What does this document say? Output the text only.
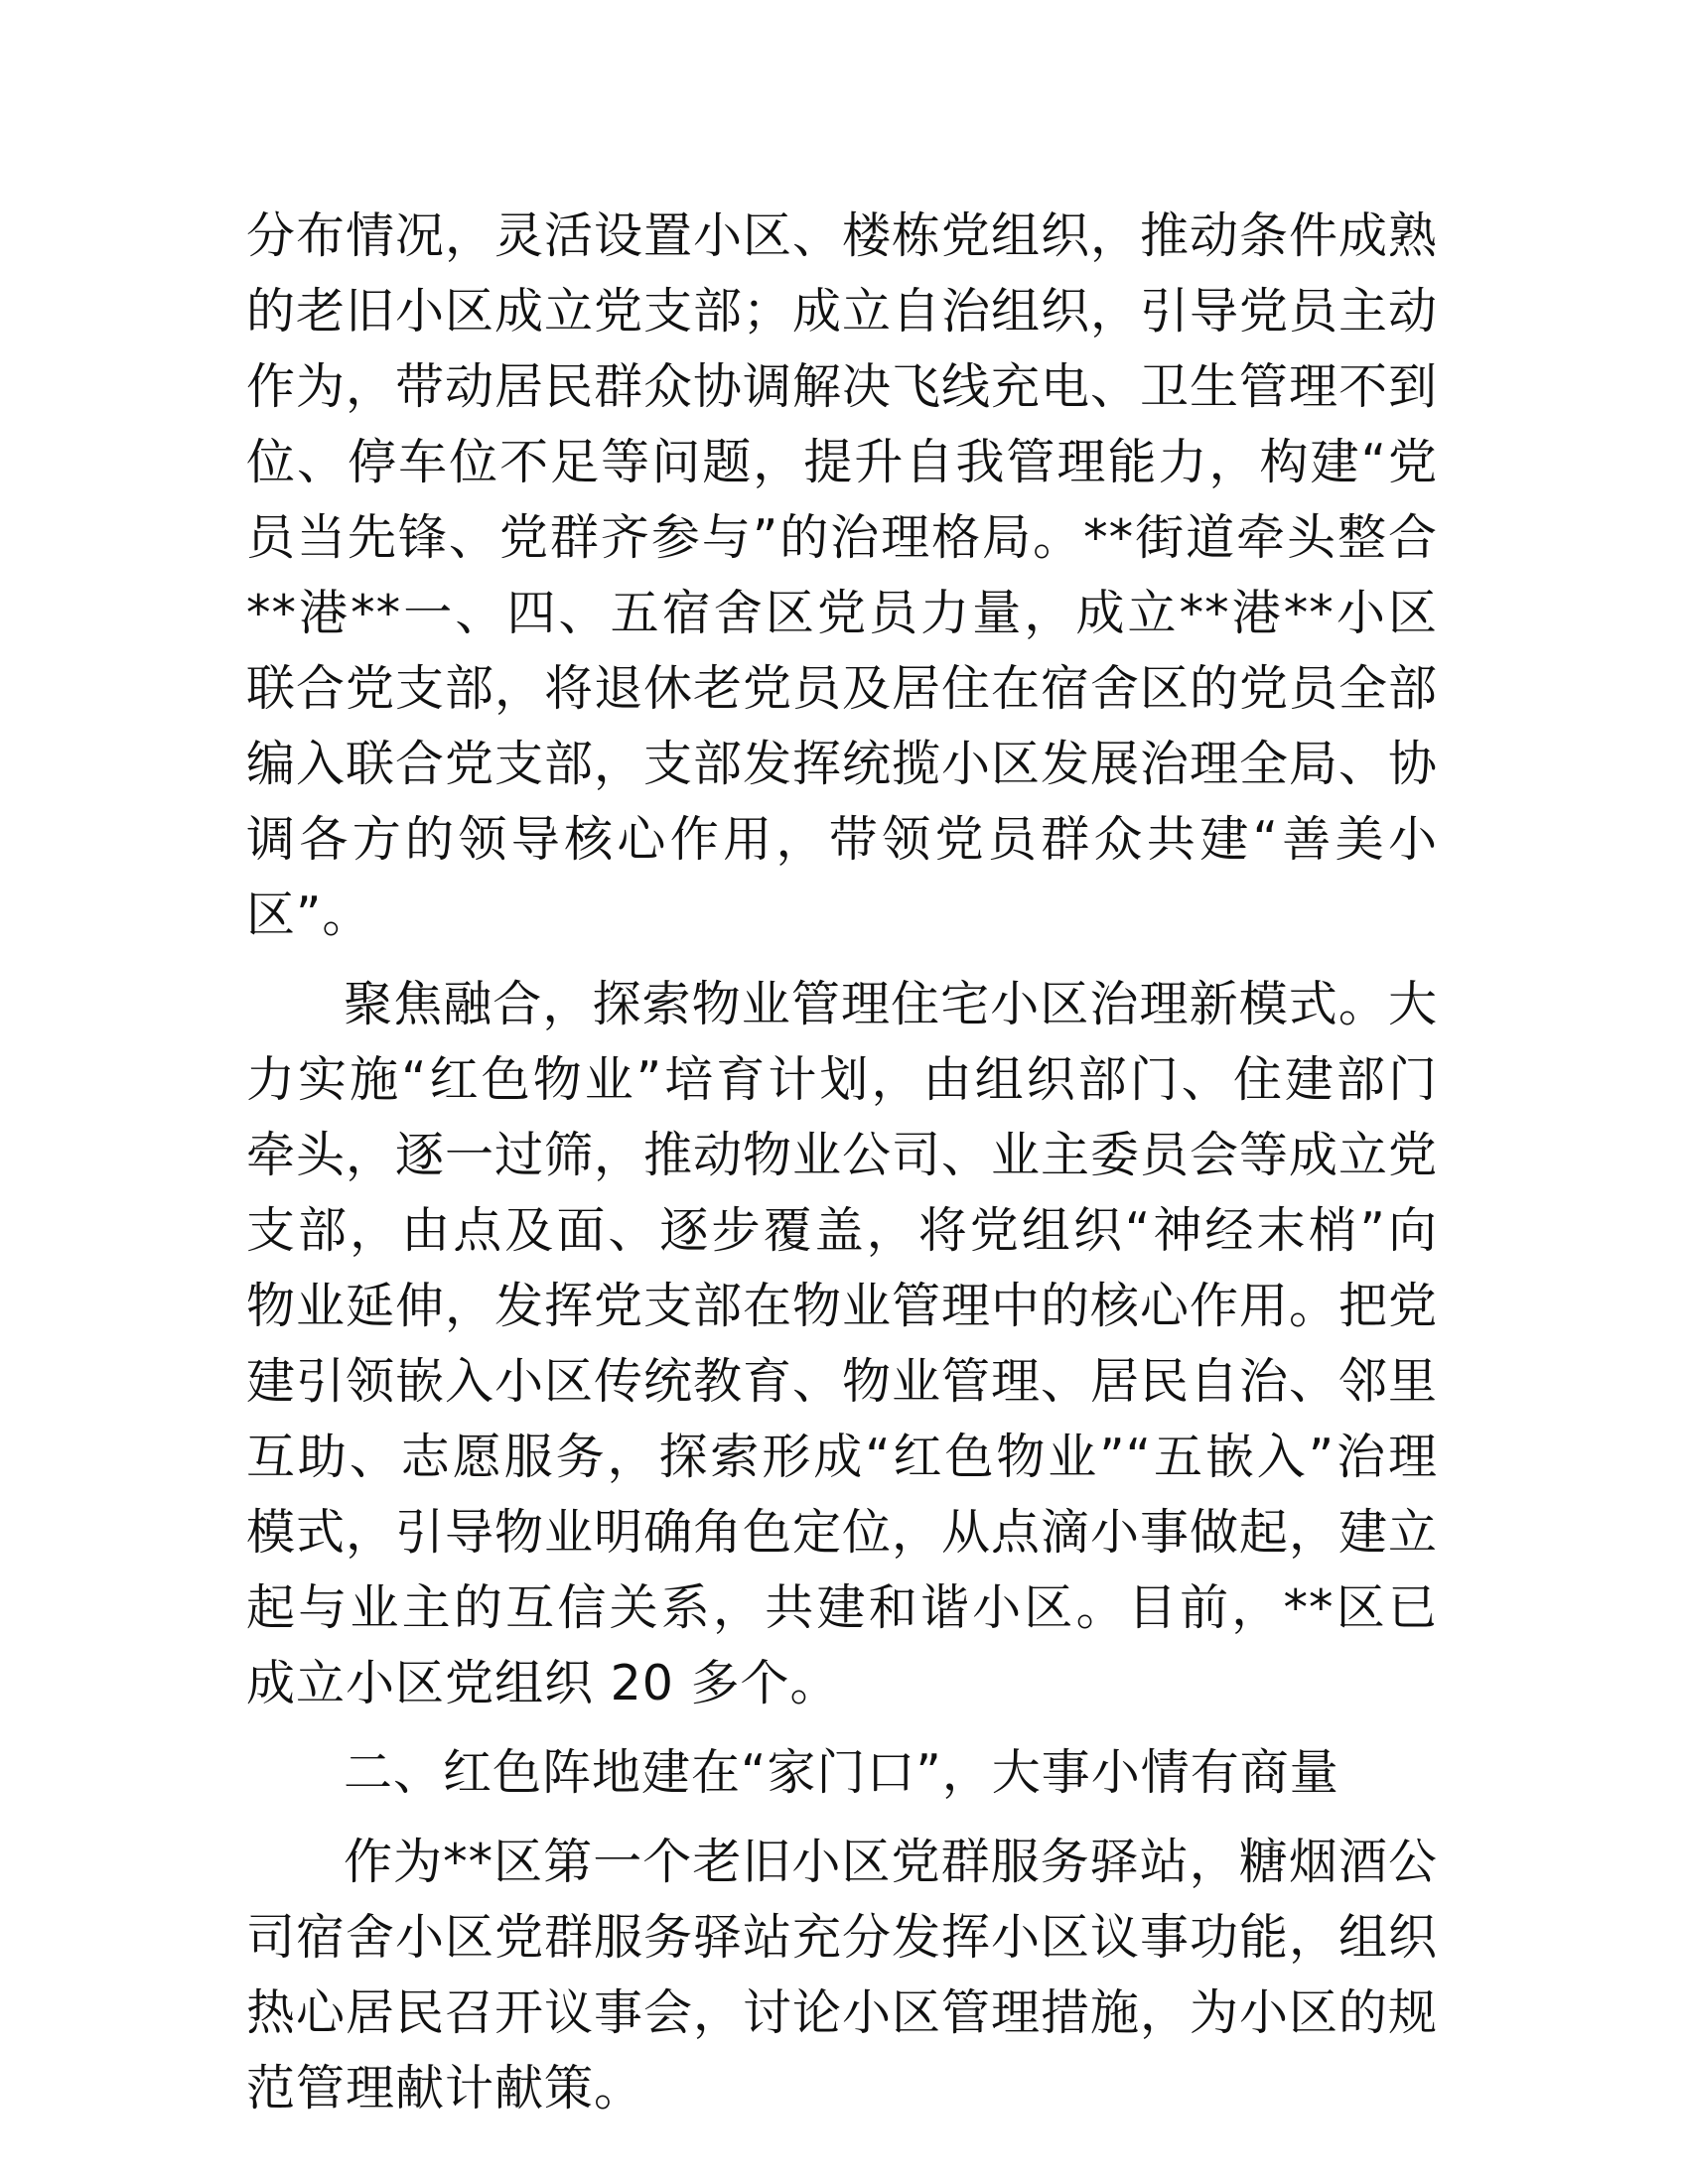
分布情况，灵活设置小区、楼栋党组织，推动条件成熟的老旧小区成立党支部；成立自治组织，引导党员主动作为，带动居民群众协调解决飞线充电、卫生管理不到位、停车位不足等问题，提升自我管理能力，构建“党员当先锋、党群齐参与”的治理格局。**街道牵头整合**港**一、四、五宿舍区党员力量，成立**港**小区联合党支部，将退休老党员及居住在宿舍区的党员全部编入联合党支部，支部发挥统揽小区发展治理全局、协调各方的领导核心作用，带领党员群众共建“善美小区”。

聚焦融合，探索物业管理住宅小区治理新模式。大力实施“红色物业”培育计划，由组织部门、住建部门牵头，逐一过筛，推动物业公司、业主委员会等成立党支部，由点及面、逐步覆盖，将党组织“神经末梢”向物业延伸，发挥党支部在物业管理中的核心作用。把党建引领嵌入小区传统教育、物业管理、居民自治、邻里互助、志愿服务，探索形成“红色物业”“五嵌入”治理模式，引导物业明确角色定位，从点滴小事做起，建立起与业主的互信关系，共建和谐小区。目前，**区已成立小区党组织 20 多个。

二、红色阵地建在“家门口”，大事小情有商量

作为**区第一个老旧小区党群服务驿站，糖烟酒公司宿舍小区党群服务驿站充分发挥小区议事功能，组织热心居民召开议事会，讨论小区管理措施，为小区的规范管理献计献策。
